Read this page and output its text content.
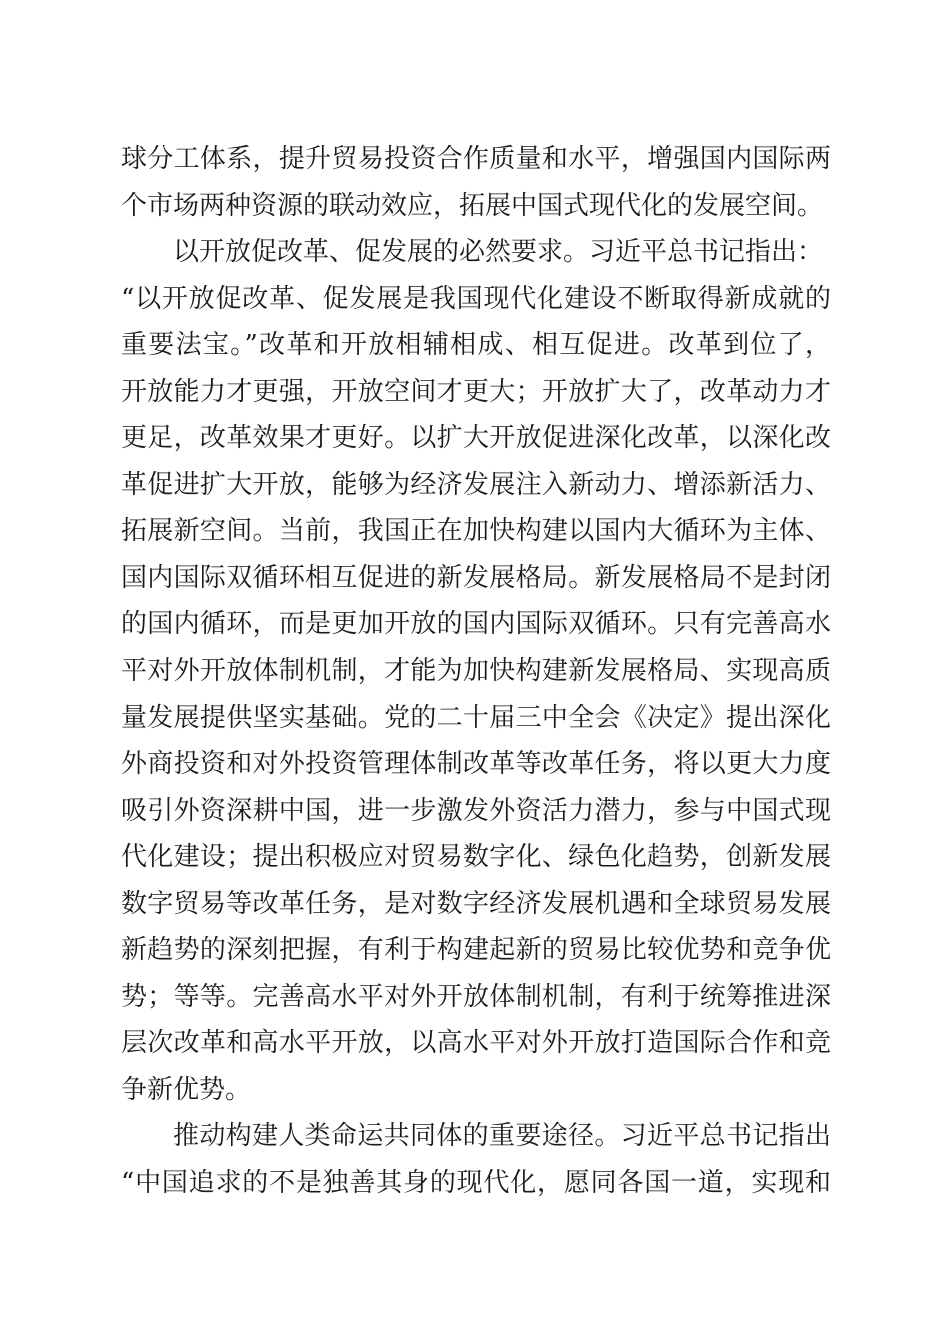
球分工体系，提升贸易投资合作质量和水平，增强国内国际两
个市场两种资源的联动效应，拓展中国式现代化的发展空间。
以开放促改革、促发展的必然要求。习近平总书记指出：
“以开放促改革、促发展是我国现代化建设不断取得新成就的
重要法宝。”改革和开放相辅相成、相互促进。改革到位了，
开放能力才更强，开放空间才更大；开放扩大了，改革动力才
更足，改革效果才更好。以扩大开放促进深化改革，以深化改
革促进扩大开放，能够为经济发展注入新动力、增添新活力、
拓展新空间。当前，我国正在加快构建以国内大循环为主体、
国内国际双循环相互促进的新发展格局。新发展格局不是封闭
的国内循环，而是更加开放的国内国际双循环。只有完善高水
平对外开放体制机制，才能为加快构建新发展格局、实现高质
量发展提供坚实基础。党的二十届三中全会《决定》提出深化
外商投资和对外投资管理体制改革等改革任务，将以更大力度
吸引外资深耕中国，进一步激发外资活力潜力，参与中国式现
代化建设；提出积极应对贸易数字化、绿色化趋势，创新发展
数字贸易等改革任务，是对数字经济发展机遇和全球贸易发展
新趋势的深刻把握，有利于构建起新的贸易比较优势和竞争优
势；等等。完善高水平对外开放体制机制，有利于统筹推进深
层次改革和高水平开放，以高水平对外开放打造国际合作和竞
争新优势。
推动构建人类命运共同体的重要途径。习近平总书记指出
“中国追求的不是独善其身的现代化，愿同各国一道，实现和
